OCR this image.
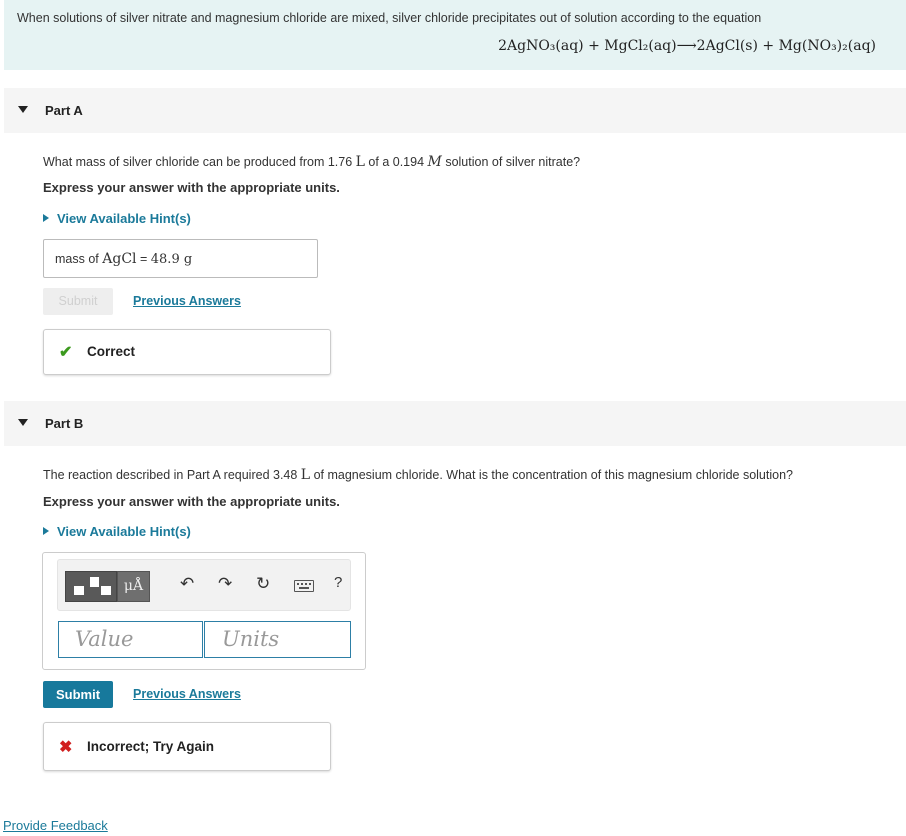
When solutions of silver nitrate and magnesium chloride are mixed, silver chloride precipitates out of solution according to the equation
2AgNO₃(aq) + MgCl₂(aq)⟶2AgCl(s) + Mg(NO₃)₂(aq)
Part A
What mass of silver chloride can be produced from 1.76 L of a 0.194 M solution of silver nitrate?
Express your answer with the appropriate units.
View Available Hint(s)
mass of AgCl = 48.9 g
Submit	Previous Answers
✔ Correct
Part B
The reaction described in Part A required 3.48 L of magnesium chloride. What is the concentration of this magnesium chloride solution?
Express your answer with the appropriate units.
View Available Hint(s)
μÅ	↶ ↷ ↻	?
Value	Units
Submit	Previous Answers
✖ Incorrect; Try Again
Provide Feedback
